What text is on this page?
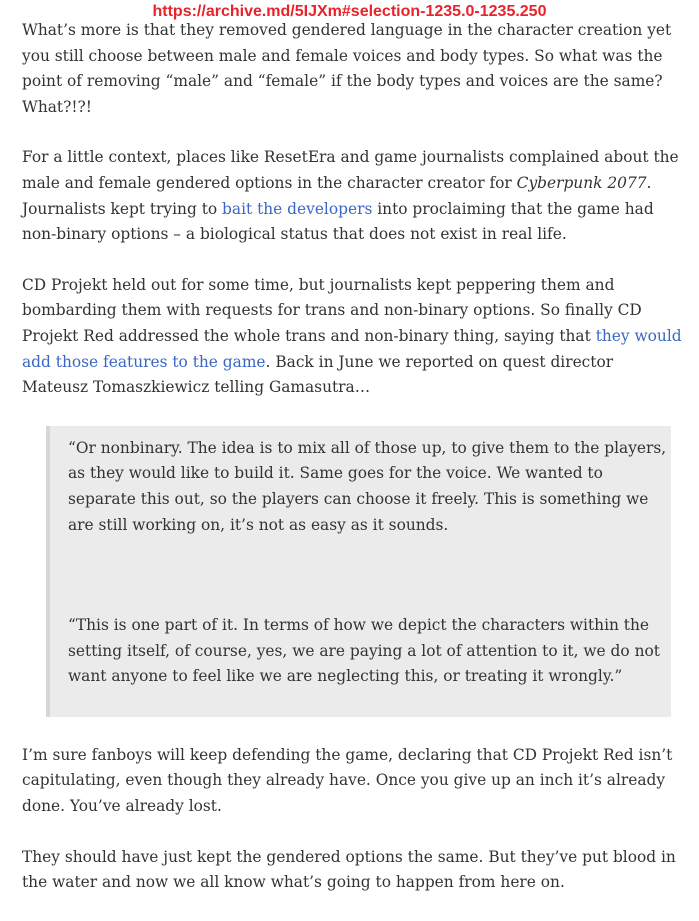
https://archive.md/5IJXm#selection-1235.0-1235.250

What’s more is that they removed gendered language in the character creation yet you still choose between male and female voices and body types. So what was the point of removing “male” and “female” if the body types and voices are the same? What?!?!

For a little context, places like ResetEra and game journalists complained about the male and female gendered options in the character creator for Cyberpunk 2077. Journalists kept trying to bait the developers into proclaiming that the game had non-binary options – a biological status that does not exist in real life.

CD Projekt held out for some time, but journalists kept peppering them and bombarding them with requests for trans and non-binary options. So finally CD Projekt Red addressed the whole trans and non-binary thing, saying that they would add those features to the game. Back in June we reported on quest director Mateusz Tomaszkiewicz telling Gamasutra…

“Or nonbinary. The idea is to mix all of those up, to give them to the players, as they would like to build it. Same goes for the voice. We wanted to separate this out, so the players can choose it freely. This is something we are still working on, it’s not as easy as it sounds.

“This is one part of it. In terms of how we depict the characters within the setting itself, of course, yes, we are paying a lot of attention to it, we do not want anyone to feel like we are neglecting this, or treating it wrongly.”

I’m sure fanboys will keep defending the game, declaring that CD Projekt Red isn’t capitulating, even though they already have. Once you give up an inch it’s already done. You’ve already lost.

They should have just kept the gendered options the same. But they’ve put blood in the water and now we all know what’s going to happen from here on.
